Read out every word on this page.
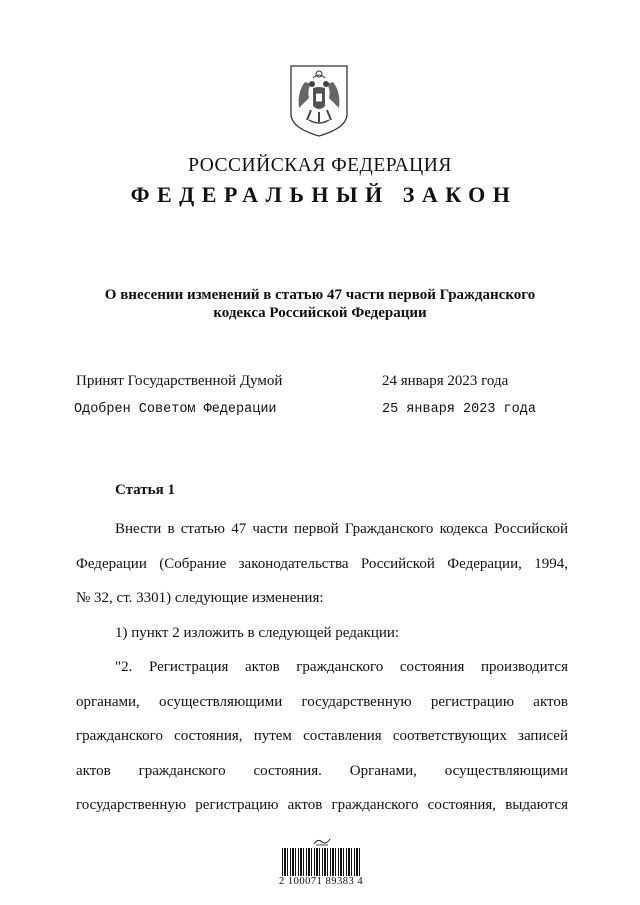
РОССИЙСКАЯ ФЕДЕРАЦИЯ
ФЕДЕРАЛЬНЫЙ ЗАКОН
О внесении изменений в статью 47 части первой Гражданского
кодекса Российской Федерации
Принят Государственной Думой	24 января 2023 года
Одобрен Советом Федерации	25 января 2023 года
Статья 1

Внести в статью 47 части первой Гражданского кодекса Российской

Федерации (Собрание законодательства Российской Федерации, 1994,

№ 32, ст. 3301) следующие изменения:

1) пункт 2 изложить в следующей редакции:

"2. Регистрация актов гражданского состояния производится

органами, осуществляющими государственную регистрацию актов

гражданского состояния, путем составления соответствующих записей

актов гражданского состояния. Органами, осуществляющими

государственную регистрацию актов гражданского состояния, выдаются

2 100071 89383 4
